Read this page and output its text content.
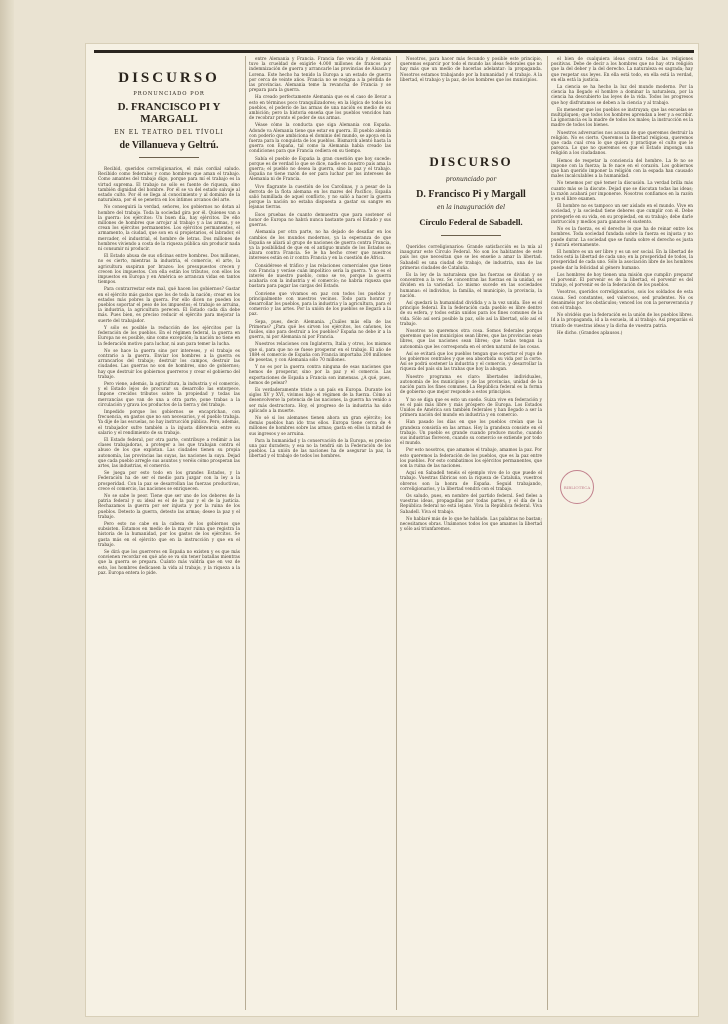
DISCURSO
PRONUNCIADO POR
D. FRANCISCO PI Y MARGALL
EN EL TEATRO DEL TÍVOLI
de Villanueva y Geltrú.

Recibid, queridos correligionarios, el más cordial saludo. Recibido como federales y como hombres que aman el trabajo. Como amantes del trabajo digo, porque para mí el trabajo es la virtud suprema. El trabajo no sólo es fuente de riqueza, sino también dignidad del hombre. Por él se va del estado salvaje al estado culto. Por él se llega al conocimiento y al dominio de la naturaleza, por él se penetra en los íntimos arcanos del arte.

No conseguirá la verdad, señores, los gobiernos no dotan al hombre del trabajo. Toda la sociedad gira por él. Quienes van a la guerra: los ejércitos: Un buen día, hay ejércitos. De ello millones de hombres que arrojar al trabajo y a las armas, y se crean los ejércitos permanentes. Los ejércitos permanentes, el armamento, la ciudad, que son en si propietarios, el labrador, el mercader, el industrial, el hombre de letras. Dos millones de hombres viviendo a costa de la riqueza pública sin producir nada ni consumir ni producir.

El Estado abusa de sus oficinas entre hombres. Dos millones, no es cierto, mientras la industria, el comercio, el arte, la agricultura suspiran por brazos: los presupuestos crecen y crecen los impuestos. Con ella están los tributos, con ellos los impuestos en Europa y en América se arrancan vidas en tantos tiempos.

Para contrarrestar este mal, qué hacen los gobiernos? Gastar en el ejército más gastos que los de toda la nación; crear en los estados más pobres la guerra. Por ello dicen no pueden los pueblos soportar el peso de los impuestos; el trabajo se arruina, la industria, la agricultura perecen. El Estado cada día debe más. Pues bien, es preciso reducir el ejército para mejorar la suerte del trabajador.

Y sólo es posible la reducción de los ejércitos por la federación de los pueblos. En el régimen federal, la guerra en Europa no es posible, sino como excepción; la nación no tiene en la federación motivo para luchar, ni aun para temer la lucha.

No se hace la guerra sino por intereses, y el trabajo es contrario a la guerra. Enviar los hombres a la guerra es arrancarlos del trabajo; destruir los campos, destruir las ciudades. Las guerras no son de hombres, sino de gobiernos; hay que destruir los gobiernos guerreros y crear el gobierno del trabajo.

Pero viene, además, la agricultura, la industria y el comercio, y el Estado lejos de procurar su desarrollo las entorpece. Impone crecidos tributos sobre la propiedad y todas las mercancías que van de una a otra parte, pone trabas a la circulación y grava los productos de la tierra y del trabajo.

Impedido porque los gobiernos se encaprichan, con frecuencia, en gastos que no son necesarios, y el pueblo trabaja. Ya dije de las escuelas, no hay instrucción pública. Pero, además, el trabajador sufre también a la injusta diferencia entre su salario y el rendimiento de su trabajo.

El Estado federal, por otra parte, contribuye a redimir a las clases trabajadoras, a proteger a los que trabajan contra el abuso de los que explotan. Las ciudades tienen su propia autonomía, las provincias las suyas, las naciones la suya. Dejad que cada pueblo arregle sus asuntos y veréis cómo prosperan las artes, las industrias, el comercio.

Se juega por esto todo en los grandes Estados, y la Federación ha de ser el medio para juzgar con la ley a la prosperidad. Con la paz se desarrollan las fuerzas productivas, crece el comercio, las naciones se enriquecen.

No se sabe lo peor. Tiene que ser uno de los deberes de la patria federal y su ideal es el de la paz y el de la justicia. Rechazamos la guerra por ser injusta y por la ruina de los pueblos. Detesto la guerra, detesto las armas; deseo la paz y el trabajo.

Pero esto no cabe en la cabeza de los gobiernos que subsisten. Estamos en medio de la mayor ruina que registra la historia de la humanidad, por los gastos de los ejércitos. Se gasta más en el ejército que en la instrucción y que en el trabajo.

Se dirá que los guerreros en España no existen y es que más convienen recordar en qué año se va sin tener batallas mientras que la guerra se prepara. Cuánto más valdría que en vez de esto, los hombres dedicasen la vida al trabajo, y la riqueza a la paz. Europa entera lo pide.

entre Alemania y Francia. Francia fue vencida y Alemania tuvo la crueldad de exigirle 4.000 millones de francos por indemnización de guerra y arrancarle las provincias de Alsacia y Lorena. Este hecho ha tenido la Europa a un estado de guerra por cerca de veinte años. Francia no se resigna a la pérdida de las provincias. Alemania teme la revancha de Francia y se prepara para la guerra.

Ha creado perfectamente Alemania que es el caso de llevar a esto en términos poco tranquilizadores; en la lógica de todos los pueblos, el poderío de las armas de una nación es medio de su ambición; pero la historia enseña que los pueblos vencidos han de recobrar pronto el poder de sus armas.

Véase cómo la conducta que siga Alemania con España. Adonde va Alemania tiene que estar en guerra. El pueblo alemán con poderío que ambiciona el dominio del mundo, se apoya en la fuerza para la conquista de los pueblos. Bismarck alentó hasta la guerra con España, tal como la Alemania había creado las condiciones para que Francia cediera en su tiempo.

Sabía el pueblo de España la gran cuestión que hoy sucede: porque es de verdad lo que se dice, nadie en nuestro país ama la guerra; el pueblo no desea la guerra, sino la paz y el trabajo. España no tiene razón de ser para luchar por los intereses de Alemania ni de Francia.

Vivo flagrante la cuestión de los Carolinas, y a pesar de la derrota de la flota alemana en los mares del Pacífico, España salió humillada de aquel conflicto, y no salió a hacer la guerra porque la nación no estaba dispuesta a gastar su sangre en lejanas tierras.

Esos pruebas de cuanto demuestra que para sostener el honor de Europa no habrá nunca bastante para el Estado y sus guerras.

Alemania por otra parte, no ha dejado de desafiar en los cambios de los mundos modernos, ya la esperanza de que España se aliará al grupo de naciones de guerra contra Francia, ya la posibilidad de que en el antiguo mundo de los Estados se alzara contra Francia. Se le ha hecho creer que nuestros intereses están en ir contra Francia y en la cuestión de África.

Considérese el tráfico y las relaciones comerciales que tiene con Francia y veráse cuán impolítico sería la guerra. Y no es el interés de nuestro pueblo, como se ve, porque la guerra acabaría con la industria y el comercio; no habría riqueza que bastara para pagar las cargas del Estado.

Conviene que vivamos en paz con todos los pueblos y principalmente con nuestros vecinos. Todo para honrar y desarrollar los pueblos, para la industria y la agricultura, para el comercio y las artes. Por la unión de los pueblos se llegará a la paz.

Sepa, pues, decir: Alemania. ¿Cuáles más ella de las Primeras? ¿Para qué les sirven los ejércitos, los cañones, los fusiles, sino para destruir a los pueblos? España no debe ir a la guerra, ni por Alemania ni por Francia.

Nuestros relaciones con Inglaterra, Italia y otros, los mismos que si, para que no se fuese prosperar en el trabajo. El año de 1884 el comercio de España con Francia importaba 200 millones de pesetas, y con Alemania sólo 70 millones.

Y no es por la guerra contra ninguna de esas naciones que hemos de prosperar, sino por la paz y el comercio. Las exportaciones de España a Francia son inmensas. ¿A qué, pues, hemos de pelear?

Es verdaderamente triste a un país en Europa. Durante los siglos XV y XVI, vivimos bajo el régimen de la fuerza. Cómo al desenvolverse la potencia de las naciones, la guerra ha venido a ser más destructora. Hoy, el progreso de la industria ha sido aplicado a la muerte.

No sé si los alemanes tienen ahora un gran ejército; los demás pueblos han ido tras ellos. Europa tiene cerca de 4 millones de hombres sobre las armas; gasta en ellos la mitad de sus ingresos y se arruina.

Para la humanidad y la conservación de la Europa, es preciso una paz duradera; y esa no la tendrá sin la Federación de los pueblos. La unión de las naciones ha de asegurar la paz, la libertad y el trabajo de todos los hombres.

Nosotros, para hacer más fecundo y posible este principio, queremos esparcir por todo el mundo las ideas federales que no hay más que un medio de hacerlas adelantar: la propaganda. Nosotros estamos trabajando por la humanidad y el trabajo. A la libertad, el trabajo y la paz, de los hombres que los municipios.

DISCURSO
pronunciado por
D. Francisco Pi y Margall
en la inauguración del
Círculo Federal de Sabadell.

Queridos correligionarios: Grande satisfacción es la mía al inaugurar este Círculo Federal. No son los habitantes de este país los que necesitan que se les enseñe a amar la libertad. Sabadell es una ciudad de trabajo, de industria, una de las primeras ciudades de Cataluña.

Es la ley de la naturaleza que las fuerzas se dividan y se concentren a la vez. Se concentran las fuerzas en la unidad, se dividen en la variedad. Lo mismo sucede en las sociedades humanas: el individuo, la familia, el municipio, la provincia, la nación.

Así quedará la humanidad dividida y a la vez unida. Ese es el principio federal. En la federación cada pueblo es libre dentro de su esfera, y todos están unidos para los fines comunes de la vida. Sólo así será posible la paz, sólo así la libertad, sólo así el trabajo.

Nosotros no queremos otra cosa. Somos federales porque queremos que los municipios sean libres, que las provincias sean libres, que las naciones sean libres; que todas tengan la autonomía que les corresponda en el orden natural de las cosas.

Así se evitará que los pueblos tengan que soportar el yugo de los gobiernos centrales y que sea absorbida su vida por la corte. Así se podrá sostener la industria y el comercio, y desarrollar la riqueza del país sin las trabas que hoy la ahogan.

Nuestro programa es claro: libertades individuales, autonomía de los municipios y de las provincias, unidad de la nación para los fines comunes. La República federal es la forma de gobierno que mejor responde a estos principios.

Y no se diga que es esto un sueño. Suiza vive en federación y es el país más libre y más próspero de Europa. Los Estados Unidos de América son también federales y han llegado a ser la primera nación del mundo en industria y en comercio.

Han pasado los días en que los pueblos creían que la grandeza consistía en las armas. Hoy la grandeza consiste en el trabajo. Un pueblo es grande cuando produce mucho, cuando sus industrias florecen, cuando su comercio se extiende por todo el mundo.

Por esto nosotros, que amamos el trabajo, amamos la paz. Por esto queremos la federación de los pueblos, que es la paz entre los pueblos. Por esto combatimos los ejércitos permanentes, que son la ruina de las naciones.

Aquí en Sabadell tenéis el ejemplo vivo de lo que puede el trabajo. Vuestras fábricas son la riqueza de Cataluña, vuestros obreros son la honra de España. Seguid trabajando, correligionarios, y la libertad vendrá con el trabajo.

Os saludo, pues, en nombre del partido federal. Sed fieles a vuestras ideas, propagadlas por todas partes, y el día de la República federal no está lejano. Viva la República federal. Viva Sabadell. Viva el trabajo.

No hablaré más de lo que he hablado. Las palabras no bastan; necesitamos obras. Unámonos todos los que amamos la libertad y sólo así triunfaremos.

el bien de cualquiera ideas contra todas las religiones positivas. Debe de decir a los hombres que no hay otra religión que la del deber y la del derecho. La naturaleza es sagrada; hay que respetar sus leyes. En ella está todo, en ella está la verdad, en ella está la justicia.

La ciencia se ha hecho la luz del mundo moderno. Por la ciencia ha llegado el hombre a dominar la naturaleza, por la ciencia ha descubierto las leyes de la vida. Todos los progresos que hoy disfrutamos se deben a la ciencia y al trabajo.

Es menester que los pueblos se instruyan; que las escuelas se multipliquen; que todos los hombres aprendan a leer y a escribir. La ignorancia es la madre de todos los males; la instrucción es la madre de todos los bienes.

Nuestros adversarios nos acusan de que queremos destruir la religión. No es cierto. Queremos la libertad religiosa, queremos que cada cual crea lo que quiera y practique el culto que le parezca. Lo que no queremos es que el Estado imponga una religión a los ciudadanos.

Hemos de respetar la conciencia del hombre. La fe no se impone con la fuerza; la fe nace en el corazón. Los gobiernos que han querido imponer la religión con la espada han causado males incalculables a la humanidad.

No tenemos por qué temer la discusión. La verdad brilla más cuanto más se la discute. Dejad que se discutan todas las ideas; la razón acabará por imponerse. Nosotros confiamos en la razón y en el libre examen.

El hombre no es tampoco un ser aislado en el mundo. Vive en sociedad, y la sociedad tiene deberes que cumplir con él. Debe protegerle en su vida, en su propiedad, en su trabajo; debe darle instrucción y medios para ganarse el sustento.

No es la fuerza, es el derecho lo que ha de reinar entre los hombres. Toda sociedad fundada sobre la fuerza es injusta y no puede durar. La sociedad que se funda sobre el derecho es justa y durará eternamente.

El hombre es un ser libre y es un ser social. En la libertad de todos está la libertad de cada uno; en la prosperidad de todos, la prosperidad de cada uno. Sólo la asociación libre de los hombres puede dar la felicidad al género humano.

Los hombres de hoy tienen una misión que cumplir: preparar el porvenir. El porvenir es de la libertad, el porvenir es del trabajo, el porvenir es de la federación de los pueblos.

Vosotros, queridos correligionarios, sois los soldados de esta causa. Sed constantes, sed valerosos, sed prudentes. No os desaniméis por los obstáculos; venced los con la perseverancia y con el trabajo.

No olvidéis que la federación es la unión de los pueblos libres. Id a la propaganda, id a la escuela, id al trabajo. Así preparáis el triunfo de vuestras ideas y la dicha de vuestra patria.

He dicho. (Grandes aplausos.)

BIBLIOTECA
